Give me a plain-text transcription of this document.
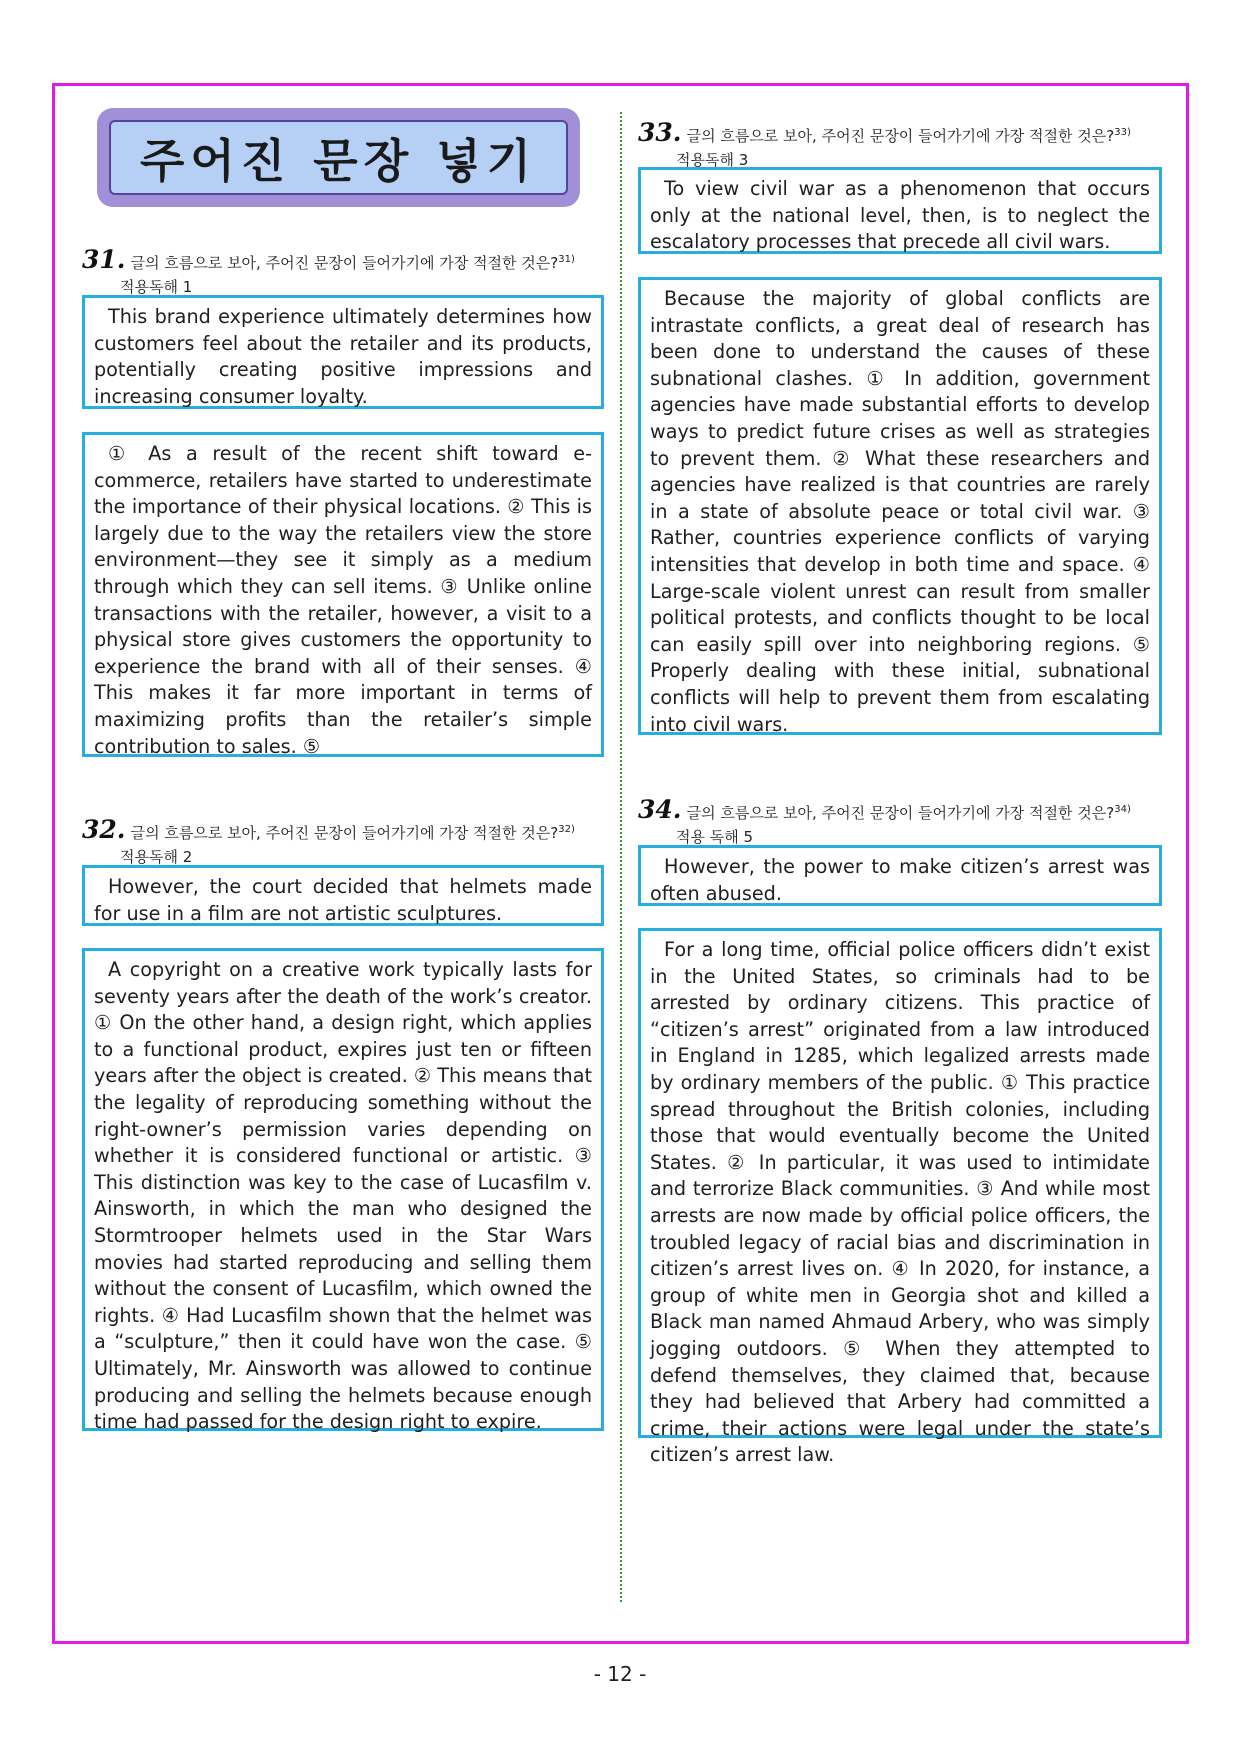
주어진 문장 넣기
31. 글의 흐름으로 보아, 주어진 문장이 들어가기에 가장 적절한 것은?$^{31)}$
적용독해 1

This brand experience ultimately determines how customers feel about the retailer and its products, potentially creating positive impressions and increasing consumer loyalty.

① As a result of the recent shift toward e-commerce, retailers have started to underestimate the importance of their physical locations. ② This is largely due to the way the retailers view the store environment—they see it simply as a medium through which they can sell items. ③ Unlike online transactions with the retailer, however, a visit to a physical store gives customers the opportunity to experience the brand with all of their senses. ④ This makes it far more important in terms of maximizing profits than the retailer’s simple contribution to sales. ⑤

32. 글의 흐름으로 보아, 주어진 문장이 들어가기에 가장 적절한 것은?$^{32)}$
적용독해 2

However, the court decided that helmets made for use in a film are not artistic sculptures.

A copyright on a creative work typically lasts for seventy years after the death of the work’s creator. ① On the other hand, a design right, which applies to a functional product, expires just ten or fifteen years after the object is created. ② This means that the legality of reproducing something without the right-owner’s permission varies depending on whether it is considered functional or artistic. ③ This distinction was key to the case of Lucasfilm v. Ainsworth, in which the man who designed the Stormtrooper helmets used in the Star Wars movies had started reproducing and selling them without the consent of Lucasfilm, which owned the rights. ④ Had Lucasfilm shown that the helmet was a “sculpture,” then it could have won the case. ⑤ Ultimately, Mr. Ainsworth was allowed to continue producing and selling the helmets because enough time had passed for the design right to expire.

33. 글의 흐름으로 보아, 주어진 문장이 들어가기에 가장 적절한 것은?$^{33)}$
적용독해 3

To view civil war as a phenomenon that occurs only at the national level, then, is to neglect the escalatory processes that precede all civil wars.

Because the majority of global conflicts are intrastate conflicts, a great deal of research has been done to understand the causes of these subnational clashes. ① In addition, government agencies have made substantial efforts to develop ways to predict future crises as well as strategies to prevent them. ② What these researchers and agencies have realized is that countries are rarely in a state of absolute peace or total civil war. ③ Rather, countries experience conflicts of varying intensities that develop in both time and space. ④ Large-scale violent unrest can result from smaller political protests, and conflicts thought to be local can easily spill over into neighboring regions. ⑤ Properly dealing with these initial, subnational conflicts will help to prevent them from escalating into civil wars.

34. 글의 흐름으로 보아, 주어진 문장이 들어가기에 가장 적절한 것은?$^{34)}$
적용 독해 5

However, the power to make citizen’s arrest was often abused.

For a long time, official police officers didn’t exist in the United States, so criminals had to be arrested by ordinary citizens. This practice of “citizen’s arrest” originated from a law introduced in England in 1285, which legalized arrests made by ordinary members of the public. ① This practice spread throughout the British colonies, including those that would eventually become the United States. ② In particular, it was used to intimidate and terrorize Black communities. ③ And while most arrests are now made by official police officers, the troubled legacy of racial bias and discrimination in citizen’s arrest lives on. ④ In 2020, for instance, a group of white men in Georgia shot and killed a Black man named Ahmaud Arbery, who was simply jogging outdoors. ⑤ When they attempted to defend themselves, they claimed that, because they had believed that Arbery had committed a crime, their actions were legal under the state’s citizen’s arrest law.

- 12 -
